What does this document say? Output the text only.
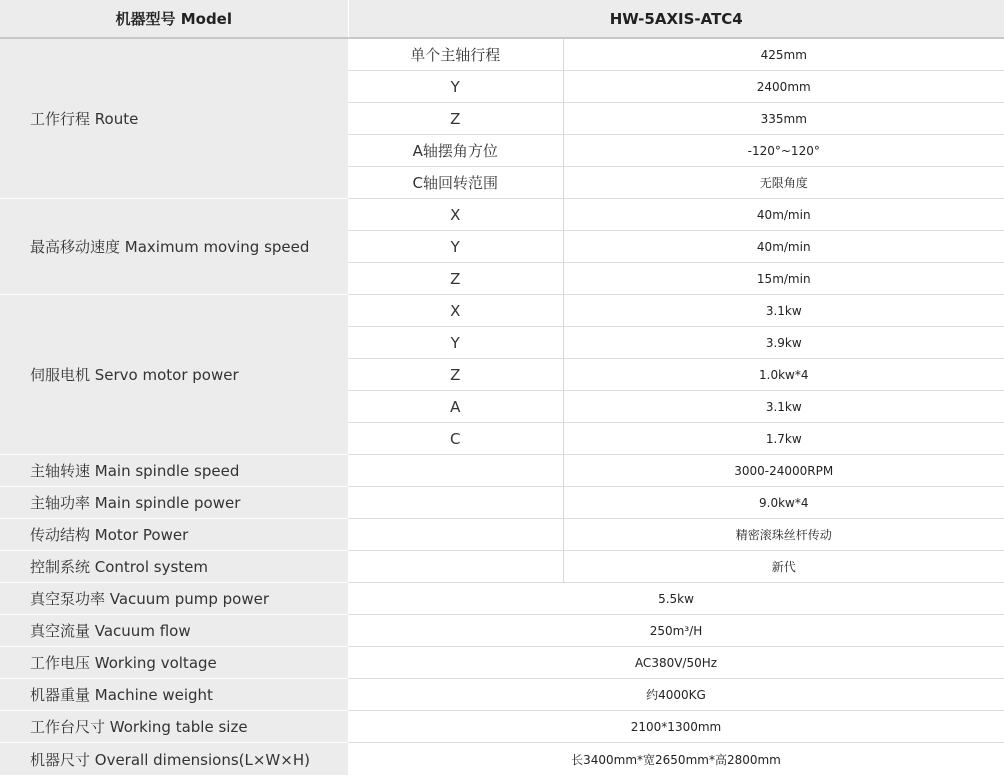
机器型号 Model	HW-5AXIS-ATC4	
工作行程 Route	单个主轴行程	425mm
	Y	2400mm
	Z	335mm
	A轴摆角方位	-120°~120°
	C轴回转范围	无限角度
最高移动速度 Maximum moving speed	X	40m/min
	Y	40m/min
	Z	15m/min
伺服电机 Servo motor power	X	3.1kw
	Y	3.9kw
	Z	1.0kw*4
	A	3.1kw
	C	1.7kw
主轴转速 Main spindle speed		3000-24000RPM
主轴功率 Main spindle power		9.0kw*4
传动结构 Motor Power		精密滚珠丝杆传动
控制系统 Control system		新代
真空泵功率 Vacuum pump power	5.5kw	
真空流量 Vacuum flow	250m³/H	
工作电压 Working voltage	AC380V/50Hz	
机器重量 Machine weight	约4000KG	
工作台尺寸 Working table size	2100*1300mm	
机器尺寸 Overall dimensions(L×W×H)	长3400mm*宽2650mm*高2800mm	
